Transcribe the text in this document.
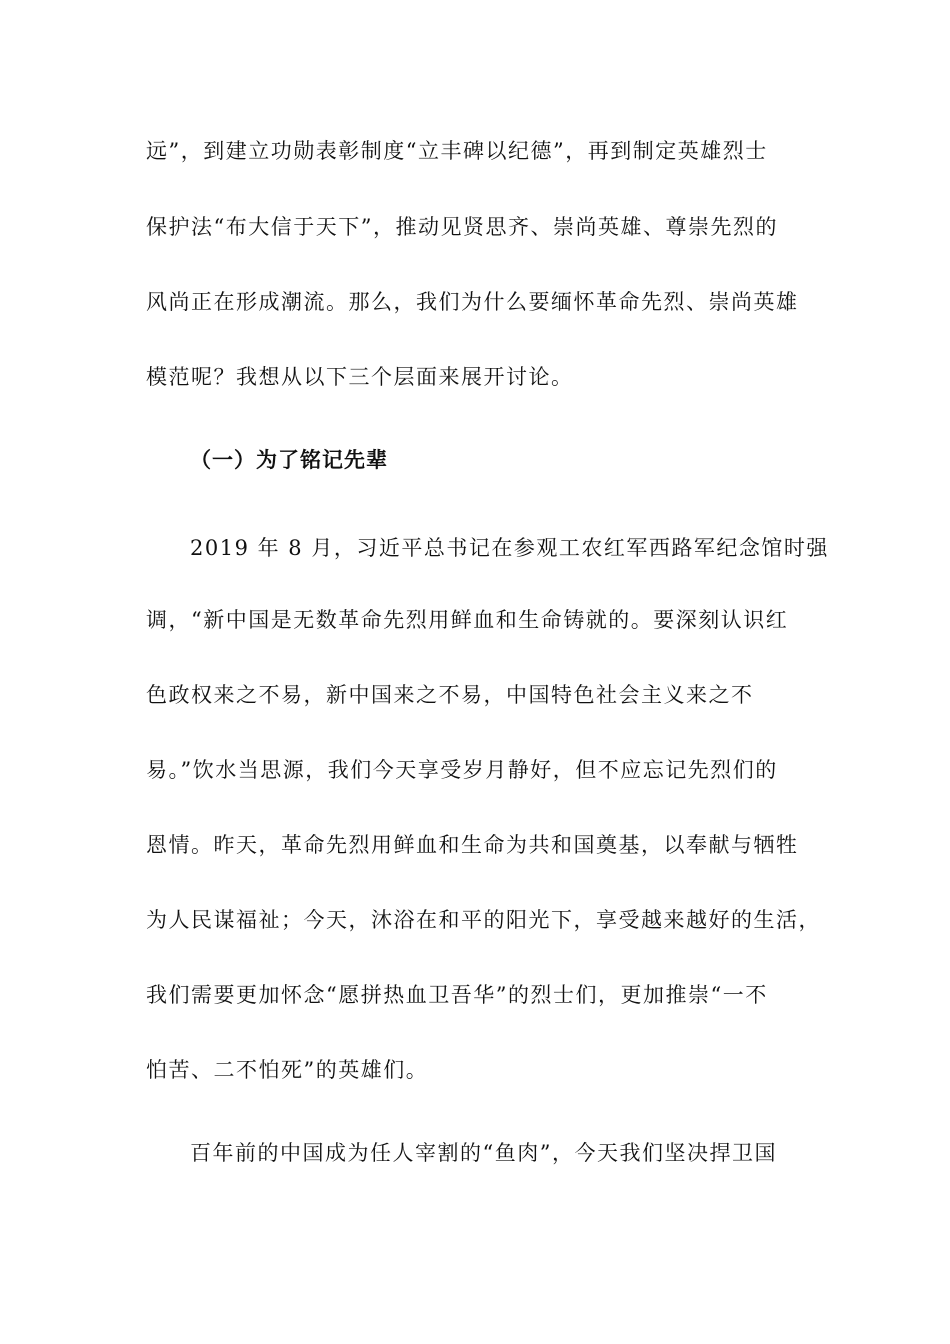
远”，到建立功勋表彰制度“立丰碑以纪德”，再到制定英雄烈士
保护法“布大信于天下”，推动见贤思齐、崇尚英雄、尊崇先烈的
风尚正在形成潮流。那么，我们为什么要缅怀革命先烈、崇尚英雄
模范呢？我想从以下三个层面来展开讨论。
（一）为了铭记先辈
2019 年 8 月，习近平总书记在参观工农红军西路军纪念馆时强
调，“新中国是无数革命先烈用鲜血和生命铸就的。要深刻认识红
色政权来之不易，新中国来之不易，中国特色社会主义来之不
易。”饮水当思源，我们今天享受岁月静好，但不应忘记先烈们的
恩情。昨天，革命先烈用鲜血和生命为共和国奠基，以奉献与牺牲
为人民谋福祉；今天，沐浴在和平的阳光下，享受越来越好的生活，
我们需要更加怀念“愿拼热血卫吾华”的烈士们，更加推崇“一不
怕苦、二不怕死”的英雄们。
百年前的中国成为任人宰割的“鱼肉”，今天我们坚决捍卫国
